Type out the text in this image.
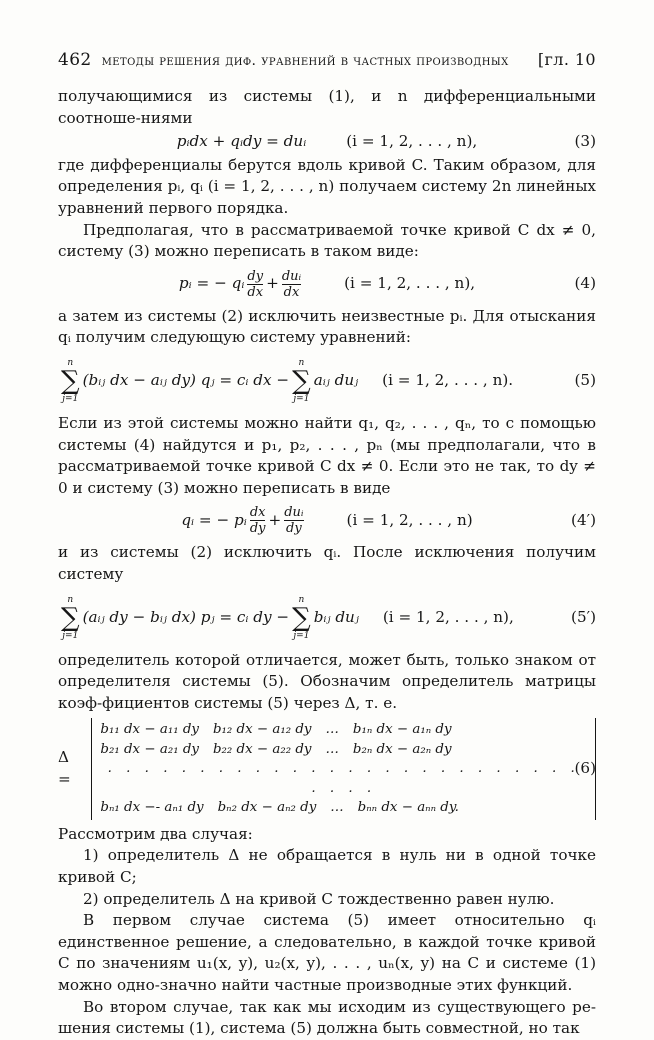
462 методы решения диф. уравнений в частных производных [гл. 10

получающимися из системы (1), и n дифференциальными соотноше-ниями

pᵢdx + qᵢdy = duᵢ	(i = 1, 2, . . . , n),	(3)

где дифференциалы берутся вдоль кривой C. Таким образом, для определения pᵢ, qᵢ (i = 1, 2, . . . , n) получаем систему 2n линейных уравнений первого порядка.

Предполагая, что в рассматриваемой точке кривой C dx ≠ 0, систему (3) можно переписать в таком виде:

pᵢ = − qᵢ $\frac{dy}{dx} + \frac{\text{duᵢ}}{dx}$	(i = 1, 2, . . . , n),	(4)

а затем из системы (2) исключить неизвестные pᵢ. Для отыскания qᵢ получим следующую систему уравнений:

n
∑
j=1
(bᵢⱼ dx − aᵢⱼ dy) qⱼ = cᵢ dx −
n
∑
j=1
aᵢⱼ duⱼ (i = 1, 2, . . . , n).	(5)

Если из этой системы можно найти q₁, q₂, . . . , qₙ, то с помощью системы (4) найдутся и p₁, p₂, . . . , pₙ (мы предполагали, что в рассматриваемой точке кривой C dx ≠ 0. Если это не так, то dy ≠ 0 и систему (3) можно переписать в виде

qᵢ = − pᵢ $\frac{dx}{dy} + \frac{\text{duᵢ}}{dy}$	(i = 1, 2, . . . , n)	(4′)

и из системы (2) исключить qᵢ. После исключения получим систему

n
∑
j=1
(aᵢⱼ dy − bᵢⱼ dx) pⱼ = cᵢ dy −
n
∑
j=1
bᵢⱼ duⱼ (i = 1, 2, . . . , n),	(5′)

определитель которой отличается, может быть, только знаком от определителя системы (5). Обозначим определитель матрицы коэф-фициентов системы (5) через Δ, т. е.

Δ =
b₁₁ dx − a₁₁ dy b₁₂ dx − a₁₂ dy … b₁ₙ dx − a₁ₙ dy
b₂₁ dx − a₂₁ dy b₂₂ dx − a₂₂ dy … b₂ₙ dx − a₂ₙ dy
. . . . . . . . . . . . . . . . . . . . . . . . . . . . . .
bₙ₁ dx −- aₙ₁ dy bₙ₂ dx − aₙ₂ dy … bₙₙ dx − aₙₙ dy.
(6)

Рассмотрим два случая:

1) определитель Δ не обращается в нуль ни в одной точке кривой C;

2) определитель Δ на кривой C тождественно равен нулю.

В первом случае система (5) имеет относительно qᵢ единственное решение, а следовательно, в каждой точке кривой C по значениям u₁(x, y), u₂(x, y), . . . , uₙ(x, y) на C и системе (1) можно одно-значно найти частные производные этих функций.

Во втором случае, так как мы исходим из существующего ре-шения системы (1), система (5) должна быть совместной, но так
